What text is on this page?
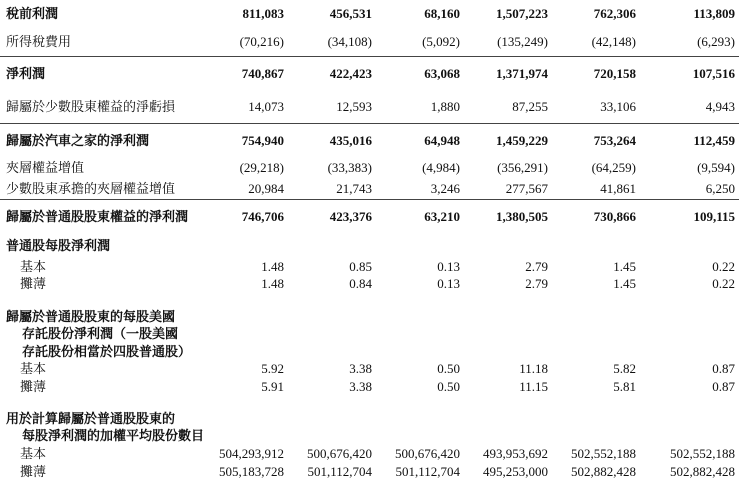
稅前利潤	811,083	456,531	68,160	1,507,223	762,306	113,809
所得稅費用	(70,216)	(34,108)	(5,092)	(135,249)	(42,148)	(6,293)
淨利潤	740,867	422,423	63,068	1,371,974	720,158	107,516
歸屬於少數股東權益的淨虧損	14,073	12,593	1,880	87,255	33,106	4,943
歸屬於汽車之家的淨利潤	754,940	435,016	64,948	1,459,229	753,264	112,459
夾層權益增值	(29,218)	(33,383)	(4,984)	(356,291)	(64,259)	(9,594)
少數股東承擔的夾層權益增值	20,984	21,743	3,246	277,567	41,861	6,250
歸屬於普通股股東權益的淨利潤	746,706	423,376	63,210	1,380,505	730,866	109,115
普通股每股淨利潤						
基本	1.48	0.85	0.13	2.79	1.45	0.22
攤薄	1.48	0.84	0.13	2.79	1.45	0.22

歸屬於普通股股東的每股美國						
存託股份淨利潤（一股美國						
存託股份相當於四股普通股）						
基本	5.92	3.38	0.50	11.18	5.82	0.87
攤薄	5.91	3.38	0.50	11.15	5.81	0.87

用於計算歸屬於普通股股東的						
每股淨利潤的加權平均股份數目						
基本	504,293,912	500,676,420	500,676,420	493,953,692	502,552,188	502,552,188
攤薄	505,183,728	501,112,704	501,112,704	495,253,000	502,882,428	502,882,428
